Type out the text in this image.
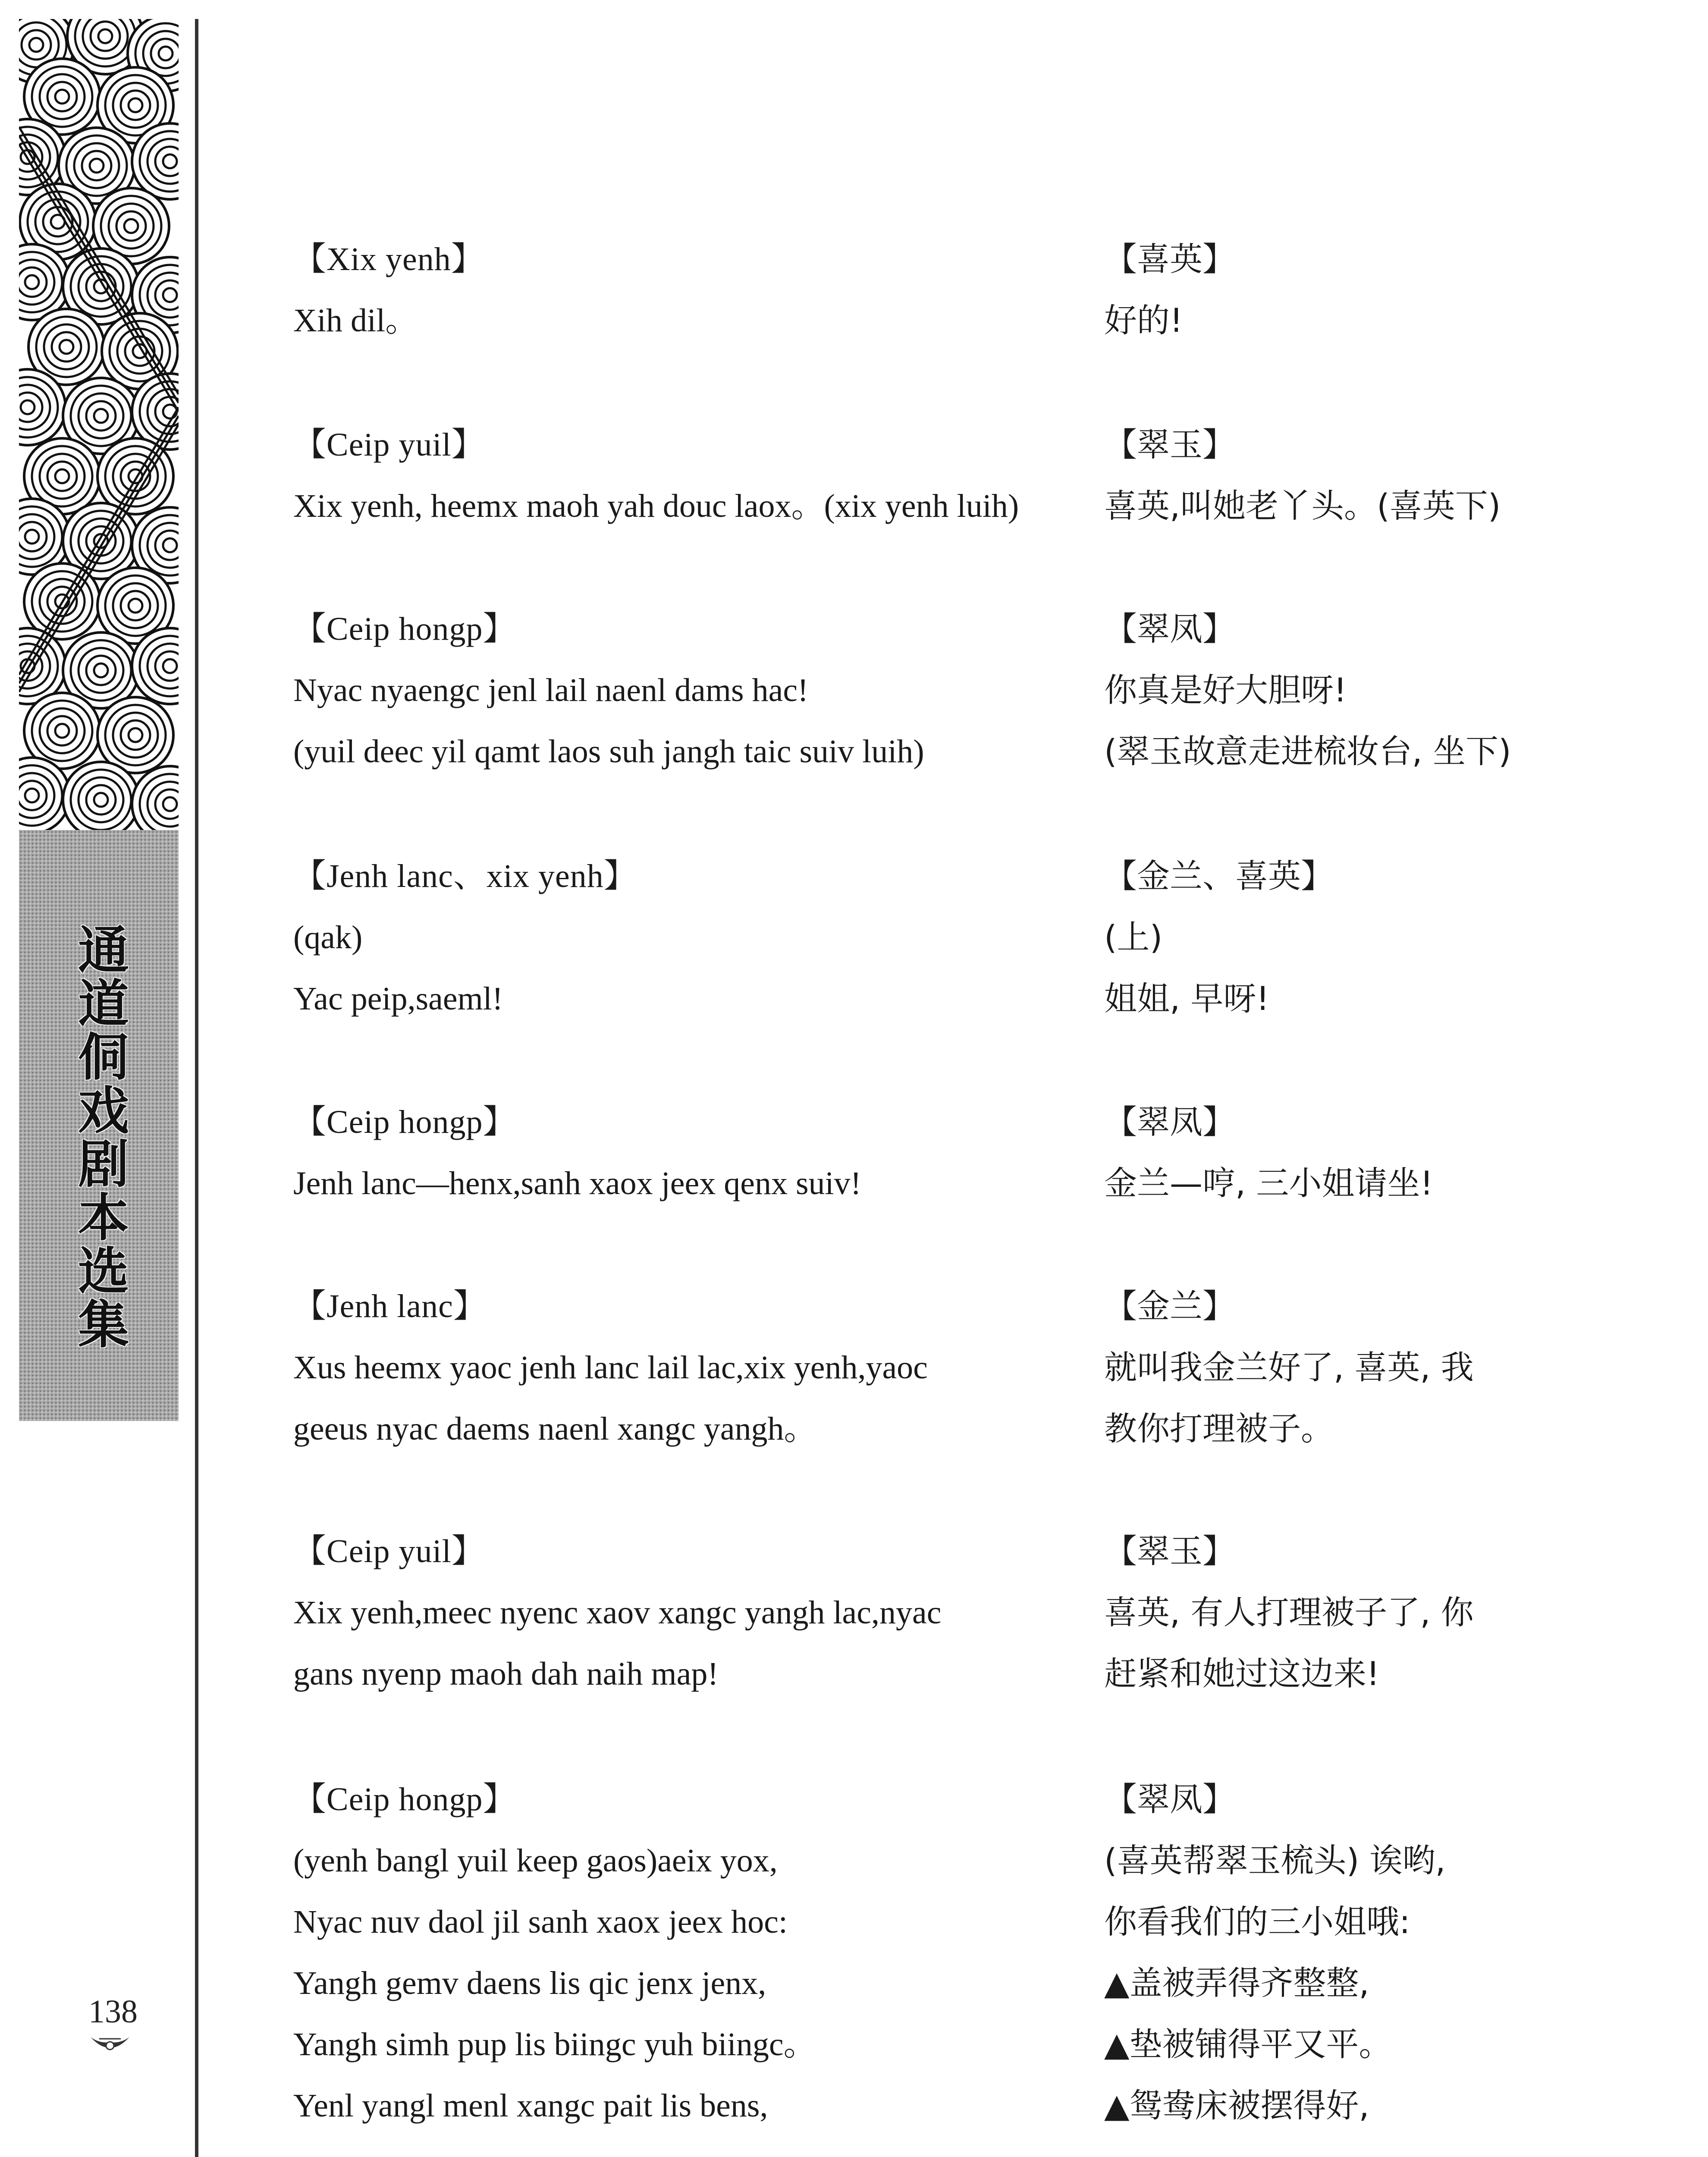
通道侗戏剧本选集
138
【Xix yenh】
Xih dil。
【喜英】
好的!
【Ceip yuil】
Xix yenh, heemx maoh yah douc laox。(xix yenh luih)
【翠玉】
喜英,叫她老丫头。(喜英下)
【Ceip hongp】
Nyac nyaengc jenl lail naenl dams hac!
(yuil deec yil qamt laos suh jangh taic suiv luih)
【翠凤】
你真是好大胆呀!
(翠玉故意走进梳妆台, 坐下)
【Jenh lanc、xix yenh】
(qak)
Yac peip,saeml!
【金兰、喜英】
(上)
姐姐, 早呀!
【Ceip hongp】
Jenh lanc—henx,sanh xaox jeex qenx suiv!
【翠凤】
金兰—哼, 三小姐请坐!
【Jenh lanc】
Xus heemx yaoc jenh lanc lail lac,xix yenh,yaoc
geeus nyac daems naenl xangc yangh。
【金兰】
就叫我金兰好了, 喜英, 我
教你打理被子。
【Ceip yuil】
Xix yenh,meec nyenc xaov xangc yangh lac,nyac
gans nyenp maoh dah naih map!
【翠玉】
喜英, 有人打理被子了, 你
赶紧和她过这边来!
【Ceip hongp】
(yenh bangl yuil keep gaos)aeix yox,
Nyac nuv daol jil sanh xaox jeex hoc:
Yangh gemv daens lis qic jenx jenx,
Yangh simh pup lis biingc yuh biingc。
Yenl yangl menl xangc pait lis bens,
【翠凤】
(喜英帮翠玉梳头) 诶哟,
你看我们的三小姐哦:
▲盖被弄得齐整整,
▲垫被铺得平又平。
▲鸳鸯床被摆得好,
